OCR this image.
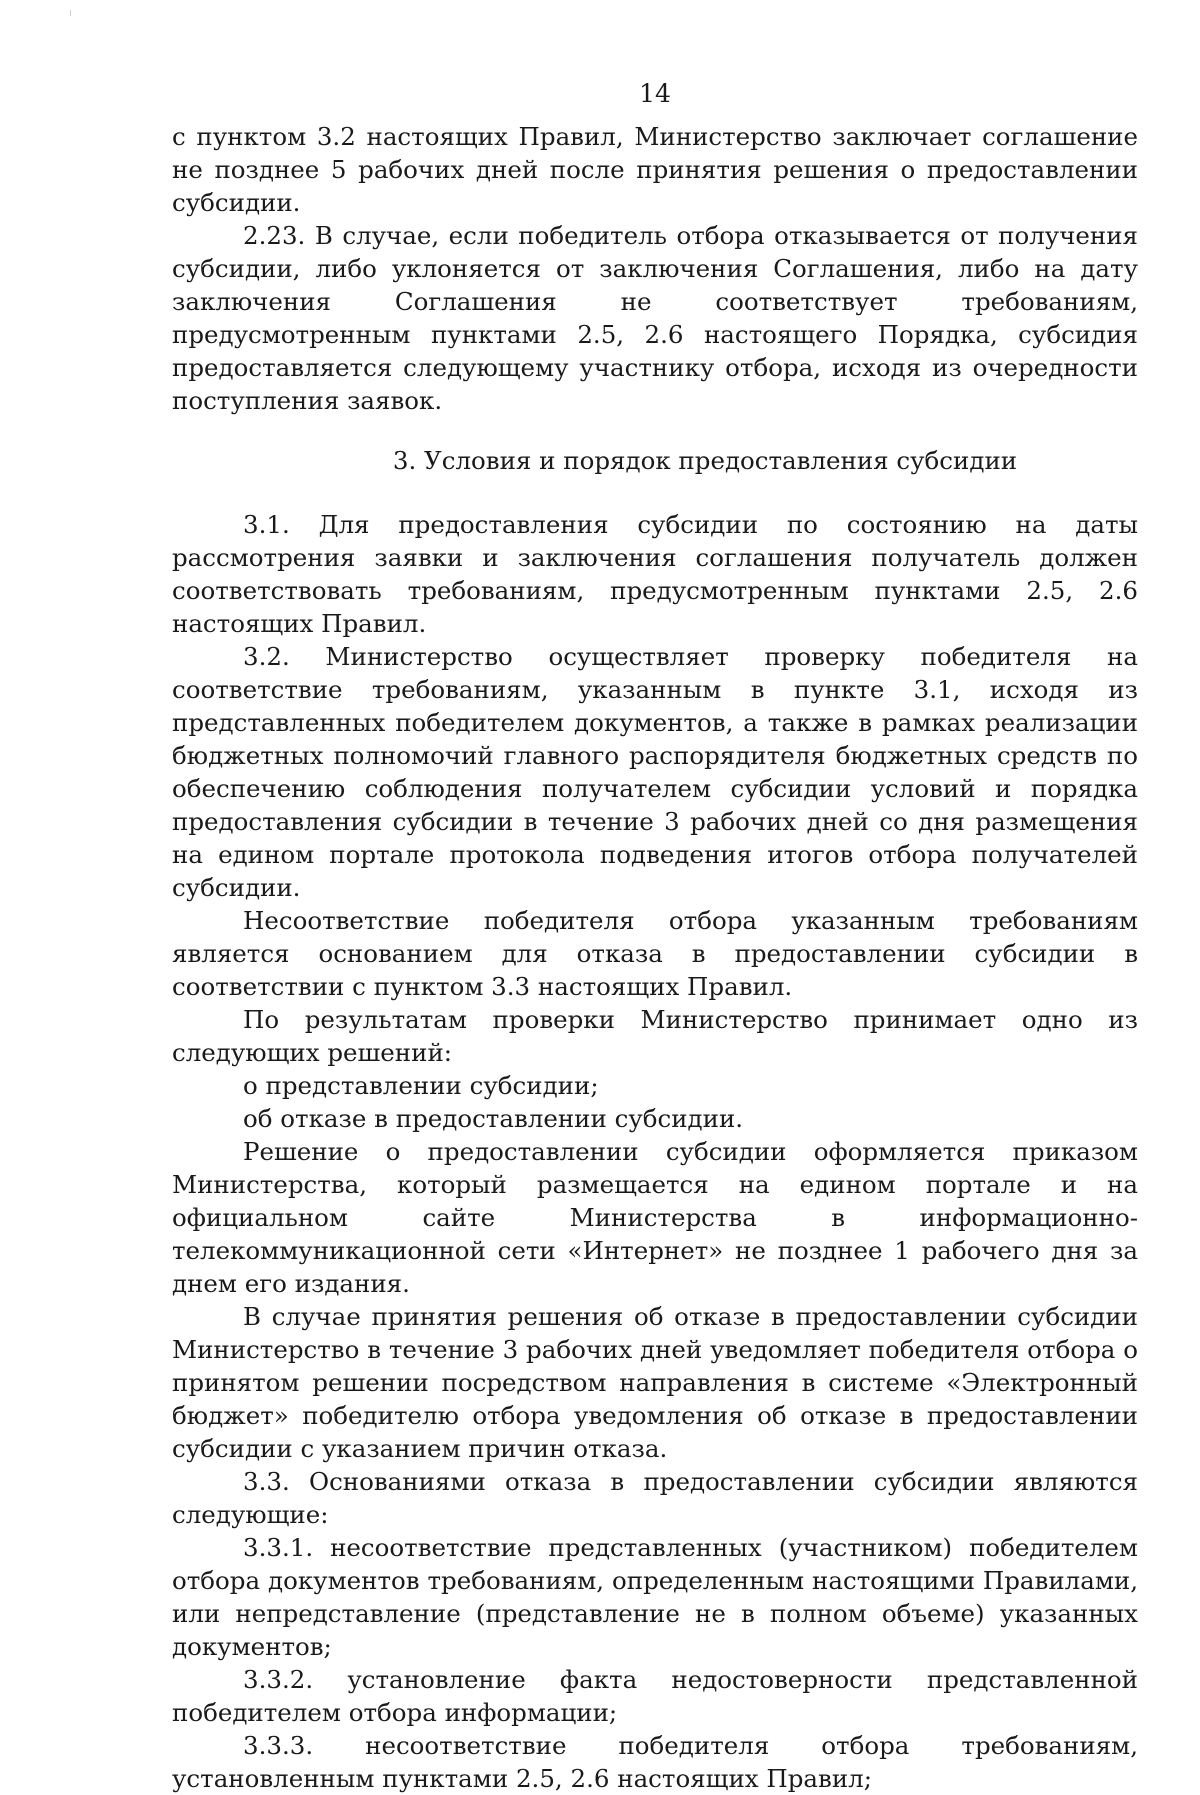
14

с пунктом 3.2 настоящих Правил, Министерство заключает соглашение не позднее 5 рабочих дней после принятия решения о предоставлении субсидии.

2.23. В случае, если победитель отбора отказывается от получения субсидии, либо уклоняется от заключения Соглашения, либо на дату заключения Соглашения не соответствует требованиям, предусмотренным пунктами 2.5, 2.6 настоящего Порядка, субсидия предоставляется следующему участнику отбора, исходя из очередности поступления заявок.

3. Условия и порядок предоставления субсидии

3.1. Для предоставления субсидии по состоянию на даты рассмотрения заявки и заключения соглашения получатель должен соответствовать требованиям, предусмотренным пунктами 2.5, 2.6 настоящих Правил.

3.2. Министерство осуществляет проверку победителя на соответствие требованиям, указанным в пункте 3.1, исходя из представленных победителем документов, а также в рамках реализации бюджетных полномочий главного распорядителя бюджетных средств по обеспечению соблюдения получателем субсидии условий и порядка предоставления субсидии в течение 3 рабочих дней со дня размещения на едином портале протокола подведения итогов отбора получателей субсидии.

Несоответствие победителя отбора указанным требованиям является основанием для отказа в предоставлении субсидии в соответствии с пунктом 3.3 настоящих Правил.

По результатам проверки Министерство принимает одно из следующих решений:

о представлении субсидии;

об отказе в предоставлении субсидии.

Решение о предоставлении субсидии оформляется приказом Министерства, который размещается на едином портале и на официальном сайте Министерства в информационно-телекоммуникационной сети «Интернет» не позднее 1 рабочего дня за днем его издания.

В случае принятия решения об отказе в предоставлении субсидии Министерство в течение 3 рабочих дней уведомляет победителя отбора о принятом решении посредством направления в системе «Электронный бюджет» победителю отбора уведомления об отказе в предоставлении субсидии с указанием причин отказа.

3.3. Основаниями отказа в предоставлении субсидии являются следующие:

3.3.1. несоответствие представленных (участником) победителем отбора документов требованиям, определенным настоящими Правилами, или непредставление (представление не в полном объеме) указанных документов;

3.3.2. установление факта недостоверности представленной победителем отбора информации;

3.3.3. несоответствие победителя отбора требованиям, установленным пунктами 2.5, 2.6 настоящих Правил;
